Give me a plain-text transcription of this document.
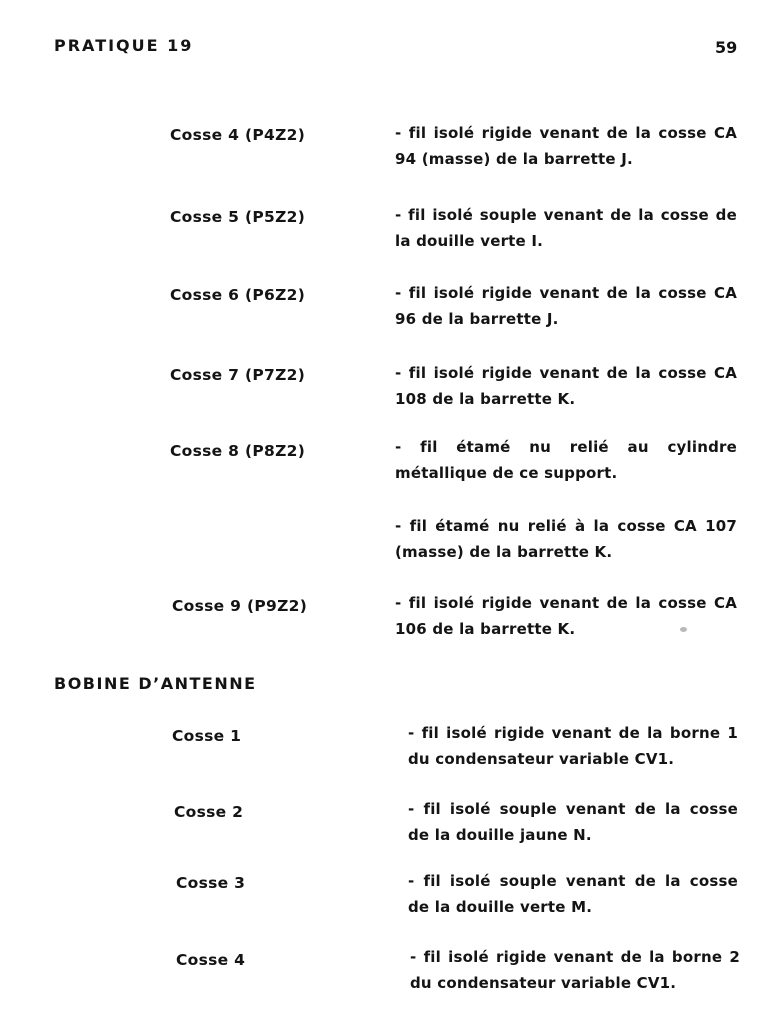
PRATIQUE 19	59
Cosse 4 (P4Z2)	- fil isolé rigide venant de la cosse CA 94 (masse) de la barrette J.
Cosse 5 (P5Z2)	- fil isolé souple venant de la cosse de la douille verte I.
Cosse 6 (P6Z2)	- fil isolé rigide venant de la cosse CA 96 de la barrette J.
Cosse 7 (P7Z2)	- fil isolé rigide venant de la cosse CA 108 de la barrette K.
Cosse 8 (P8Z2)	- fil étamé nu relié au cylindre métallique de ce support.
- fil étamé nu relié à la cosse CA 107 (masse) de la barrette K.
Cosse 9 (P9Z2)	- fil isolé rigide venant de la cosse CA 106 de la barrette K.
BOBINE D’ANTENNE
Cosse 1	- fil isolé rigide venant de la borne 1 du condensateur variable CV1.
Cosse 2	- fil isolé souple venant de la cosse de la douille jaune N.
Cosse 3	- fil isolé souple venant de la cosse de la douille verte M.
Cosse 4	- fil isolé rigide venant de la borne 2 du condensateur variable CV1.
